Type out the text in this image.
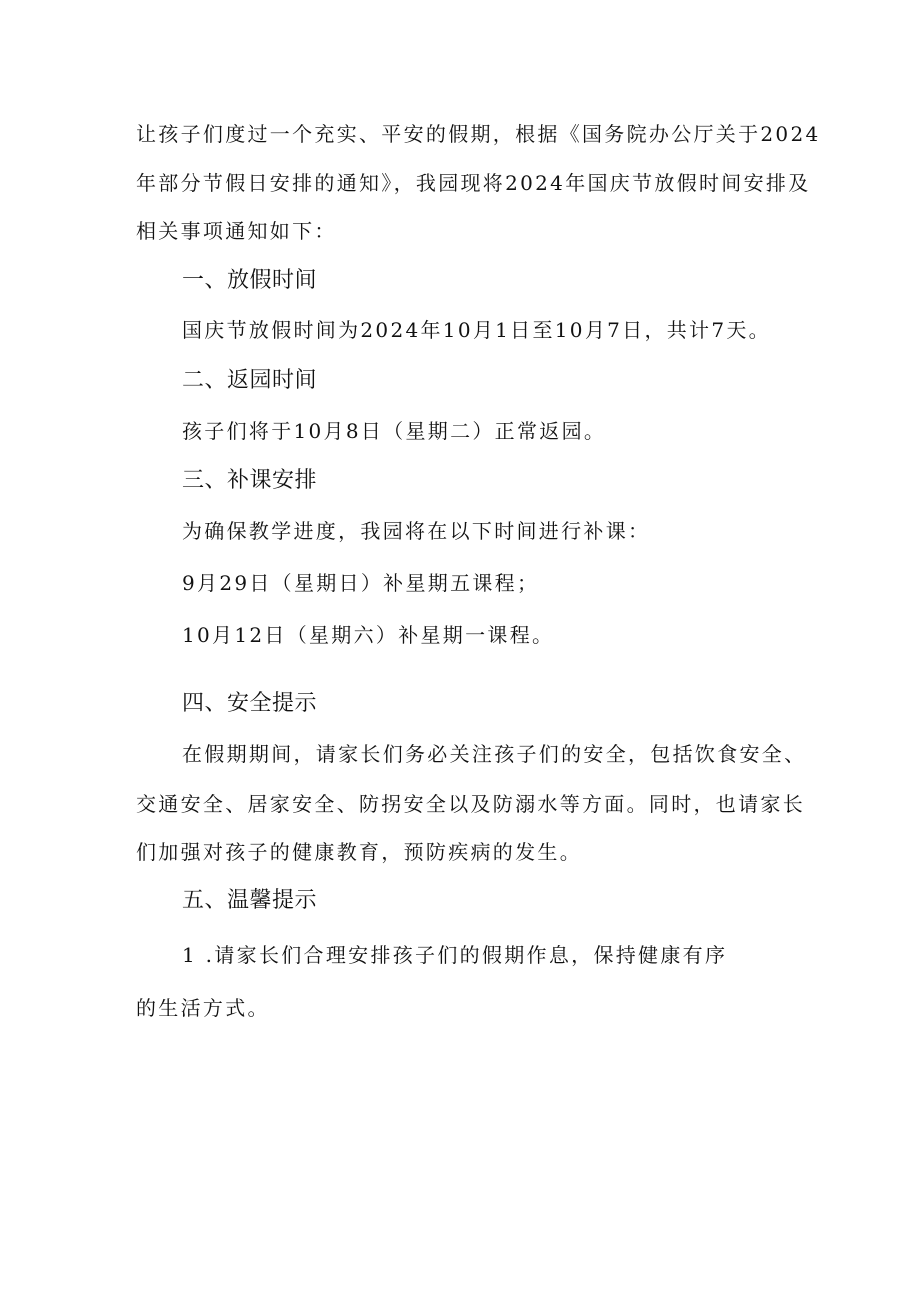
让孩子们度过一个充实、平安的假期，根据《国务院办公厅关于2024
年部分节假日安排的通知》，我园现将2024年国庆节放假时间安排及
相关事项通知如下：
一、放假时间
国庆节放假时间为2024年10月1日至10月7日，共计7天。
二、返园时间
孩子们将于10月8日（星期二）正常返园。
三、补课安排
为确保教学进度，我园将在以下时间进行补课：
9月29日（星期日）补星期五课程；
10月12日（星期六）补星期一课程。
四、安全提示
在假期期间，请家长们务必关注孩子们的安全，包括饮食安全、
交通安全、居家安全、防拐安全以及防溺水等方面。同时，也请家长
们加强对孩子的健康教育，预防疾病的发生。
五、温馨提示
1 .请家长们合理安排孩子们的假期作息，保持健康有序
的生活方式。
